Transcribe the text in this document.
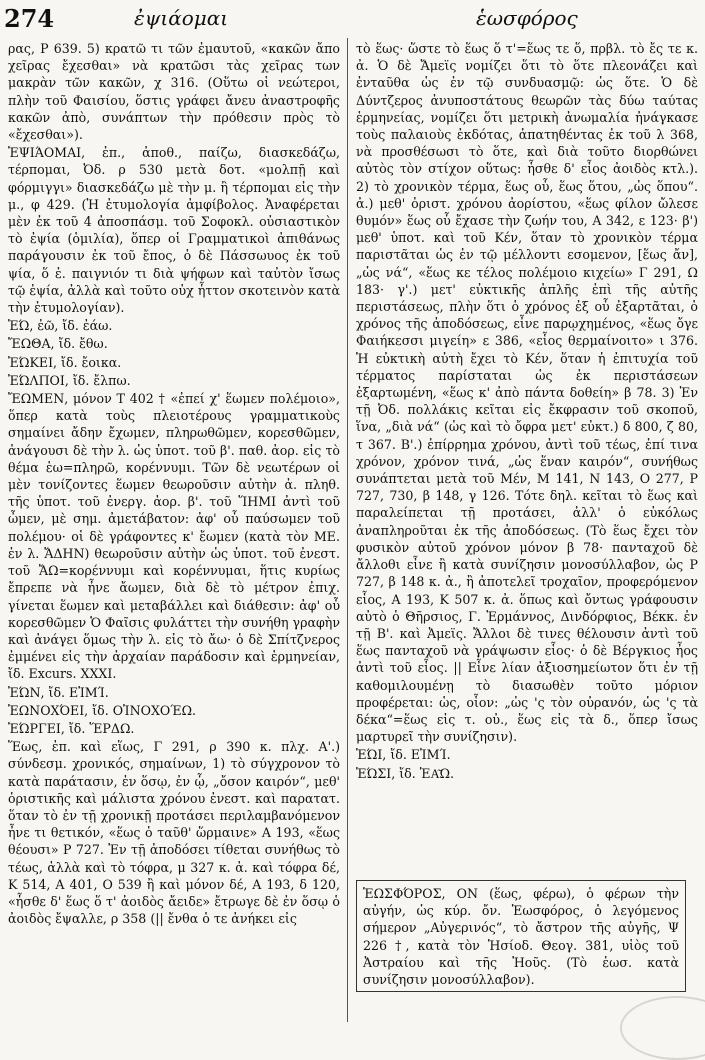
274	ἐψιάομαι	ἑωσφόρος

ρας, Ρ 639. 5) κρατῶ τι τῶν ἐμαυτοῦ, «κακῶν ἄπο χεῖρας ἔχεσθαι» νὰ κρατῶσι τὰς χεῖρας των μακρὰν τῶν κακῶν, χ 316. (Οὕτω οἱ νεώτεροι, πλὴν τοῦ Φαισίου, ὅστις γράφει ἄνευ ἀναστροφῆς κακῶν ἀπὸ, συνάπτων τὴν πρόθεσιν πρὸς τὸ «ἔχεσθαι»).

ἘΨΙΆΟΜΑΙ, ἐπ., ἀποθ., παίζω, διασκεδάζω, τέρπομαι, Ὀδ. ρ 530 μετὰ δοτ. «μολπῇ καὶ φόρμιγγι» διασκεδάζω μὲ τὴν μ. ἢ τέρπομαι εἰς τὴν μ., φ 429. (Ἡ ἐτυμολογία ἀμφίβολος. Ἀναφέρεται μὲν ἐκ τοῦ 4 ἀποσπάσμ. τοῦ Σοφοκλ. οὐσιαστικὸν τὸ ἐψία (ὁμιλία), ὅπερ οἱ Γραμματικοὶ ἀπιθάνως παράγουσιν ἐκ τοῦ ἔπος, ὁ δὲ Πάσσωυος ἐκ τοῦ ψία, ὅ ἐ. παιγνιόν τι διὰ ψήφων καὶ ταὐτὸν ἴσως τῷ ἐψία, ἀλλὰ καὶ τοῦτο οὐχ ἧττον σκοτεινὸν κατὰ τὴν ἐτυμολογίαν).

ἙΏ, ἐῶ, ἴδ. ἐάω.

ἜΩΘΑ, ἴδ. ἔθω.

ἘΏΚΕΙ, ἴδ. ἔοικα.

ἘΏΛΠΟΙ, ἴδ. ἔλπω.

ἜΩΜΕΝ, μόνον Τ 402 † «ἐπεί χ' ἕωμεν πολέμοιο», ὅπερ κατὰ τοὺς πλειοτέρους γραμματικοὺς σημαίνει ἄδην ἔχωμεν, πληρωθῶμεν, κορεσθῶμεν, ἀνάγουσι δὲ τὴν λ. ὡς ὑποτ. τοῦ β'. παθ. ἀορ. εἰς τὸ θέμα ἑω=πληρῶ, κορέννυμι. Τῶν δὲ νεωτέρων οἱ μὲν τονίζοντες ἕωμεν θεωροῦσιν αὐτὴν ἀ. πληθ. τῆς ὑποτ. τοῦ ἐνεργ. ἀορ. β'. τοῦ ἽΗΜΙ ἀντὶ τοῦ ὦμεν, μὲ σημ. ἀμετάβατον: ἀφ' οὗ παύσωμεν τοῦ πολέμου· οἱ δὲ γράφοντες κ' ἔωμεν (κατὰ τὸν ΜΕ. ἐν λ. ἌΔΗΝ) θεωροῦσιν αὐτὴν ὡς ὑποτ. τοῦ ἐνεστ. τοῦ ἌΩ=κορέννυμι καὶ κορέννυμαι, ἥτις κυρίως ἔπρεπε νὰ ἦνε ἄωμεν, διὰ δὲ τὸ μέτρον ἐπιχ. γίνεται ἕωμεν καὶ μεταβάλλει καὶ διάθεσιν: ἀφ' οὗ κορεσθῶμεν Ὁ Φαῖσις φυλάττει τὴν συνήθη γραφὴν καὶ ἀνάγει ὅμως τὴν λ. εἰς τὸ ἄω· ὁ δὲ Σπίτζνερος ἐμμένει εἰς τὴν ἀρχαίαν παράδοσιν καὶ ἑρμηνείαν, ἴδ. Excurs. XXXI.

ἘΏΝ, ἴδ. ΕἸΜΊ.

ἘΩΝΟΧΌΕΙ, ἴδ. ΟἸΝΟΧΟΈΩ.

ἘΏΡΓΕΙ, ἴδ. ἝΡΔΩ.

Ἕως, ἐπ. καὶ εἵως, Γ 291, ρ 390 κ. πλχ. Α'.) σύνδεσμ. χρονικός, σημαίνων, 1) τὸ σύγχρονον τὸ κατὰ παράτασιν, ἐν ὅσῳ, ἐν ᾧ, „ὄσον καιρόν“, μεθ' ὁριστικῆς καὶ μάλιστα χρόνου ἐνεστ. καὶ παρατατ. ὅταν τὸ ἐν τῇ χρονικῇ προτάσει περιλαμβανόμενον ἦνε τι θετικόν, «ἕως ὁ ταῦθ' ὥρμαινε» Α 193, «ἕως θέουσι» Ρ 727. Ἐν τῇ ἀποδόσει τίθεται συνήθως τὸ τέως, ἀλλὰ καὶ τὸ τόφρα, μ 327 κ. ἀ. καὶ τόφρα δέ, Κ 514, Α 401, Ο 539 ἢ καὶ μόνον δέ, Α 193, δ 120, «ἧσθε δ' ἕως ὅ τ' ἀοιδὸς ἄειδε» ἔτρωγε δὲ ἐν ὅσῳ ὁ ἀοιδὸς ἔψαλλε, ρ 358 (|| ἔνθα ὁ τε ἀνήκει εἰς

τὸ ἕως· ὥστε τὸ ἕως ὅ τ'=ἕως τε ὅ, πρβλ. τὸ ἔς τε κ. ἀ. Ὁ δὲ Ἄμεϊς νομίζει ὅτι τὸ ὅτε πλεονάζει καὶ ἐνταῦθα ὡς ἐν τῷ συνδυασμῷ: ὡς ὅτε. Ὁ δὲ Δύντζερος ἀνυποστάτους θεωρῶν τὰς δύω ταύτας ἑρμηνείας, νομίζει ὅτι μετρικὴ ἀνωμαλία ἠνάγκασε τοὺς παλαιοὺς ἐκδότας, ἀπατηθέντας ἐκ τοῦ λ 368, νὰ προσθέσωσι τὸ ὅτε, καὶ διὰ τοῦτο διορθώνει αὐτὸς τὸν στίχον οὕτως: ἧσθε δ' εἷος ἀοιδὸς κτλ.). 2) τὸ χρονικὸν τέρμα, ἕως οὗ, ἕως ὅτου, „ὡς ὅπου“. ἀ.) μεθ' ὁριστ. χρόνου ἀορίστου, «ἕως φίλον ὤλεσε θυμόν» ἕως οὗ ἔχασε τὴν ζωήν του, Α 342, ε 123· β') μεθ' ὑποτ. καὶ τοῦ Κέν, ὅταν τὸ χρονικὸν τέρμα παριστᾶται ὡς ἐν τῷ μέλλοντι εσομενον, [ἕως ἄν], „ὡς νά“, «ἕως κε τέλος πολέμοιο κιχείω» Γ 291, Ω 183· γ'.) μετ' εὐκτικῆς ἁπλῆς ἐπὶ τῆς αὐτῆς περιστάσεως, πλὴν ὅτι ὁ χρόνος ἐξ οὗ ἐξαρτᾶται, ὁ χρόνος τῆς ἀποδόσεως, εἶνε παρῳχημένος, «ἕως ὄγε Φαιήκεσσι μιγείη» ε 386, «εἷος θερμαίνοιτο» ι 376. Ἡ εὐκτικὴ αὐτὴ ἔχει τὸ Κέν, ὅταν ἡ ἐπιτυχία τοῦ τέρματος παρίσταται ὡς ἐκ περιστάσεων ἐξαρτωμένη, «ἕως κ' ἀπὸ πάντα δοθείη» β 78. 3) Ἐν τῇ Ὀδ. πολλάκις κεῖται εἰς ἔκφρασιν τοῦ σκοποῦ, ἵνα, „διὰ νά“ (ὡς καὶ τὸ ὄφρα μετ' εὐκτ.) δ 800, ζ 80, τ 367. Β'.) ἐπίρρημα χρόνου, ἀντὶ τοῦ τέως, ἐπί τινα χρόνον, χρόνον τινά, „ὡς ἕναν καιρόν“, συνήθως συνάπτεται μετὰ τοῦ Μέν, Μ 141, Ν 143, Ο 277, Ρ 727, 730, β 148, γ 126. Τότε δηλ. κεῖται τὸ ἕως καὶ παραλείπεται τῇ προτάσει, ἀλλ' ὁ εὐκόλως ἀναπληροῦται ἐκ τῆς ἀποδόσεως. (Τὸ ἕως ἔχει τὸν φυσικὸν αὐτοῦ χρόνον μόνον β 78· πανταχοῦ δὲ ἄλλοθι εἶνε ἢ κατὰ συνίζησιν μονοσύλλαβον, ὡς Ρ 727, β 148 κ. ἀ., ἢ ἀποτελεῖ τροχαῖον, προφερόμενον εἷος, Α 193, Κ 507 κ. ἀ. ὅπως καὶ ὄντως γράφουσιν αὐτὸ ὁ Θῆρσιος, Γ. Ἑρμάννος, Δινδόρφιος, Βέκκ. ἐν τῇ Β'. καὶ Ἀμεϊς. Ἄλλοι δὲ τινες θέλουσιν ἀντὶ τοῦ ἕως πανταχοῦ νὰ γράψωσιν εἷος· ὁ δὲ Βέργκιος ἦος ἀντὶ τοῦ εἷος. || Εἶνε λίαν ἀξιοσημείωτον ὅτι ἐν τῇ καθομιλουμένῃ τὸ διασωθὲν τοῦτο μόριον προφέρεται: ὡς, οἷον: „ὡς 'ς τὸν οὐρανόν, ὡς 'ς τὰ δέκα“=ἕως εἰς τ. οὐ., ἕως εἰς τὰ δ., ὅπερ ἴσως μαρτυρεῖ τὴν συνίζησιν).

ἙΏΙ, ἴδ. ΕἸΜΊ.

ἙΏΣΙ, ἴδ. ἘΑ͂Ω.

ἙΩΣΦΌΡΟΣ, ΟΝ (ἕως, φέρω), ὁ φέρων τὴν αὐγήν, ὡς κύρ. ὄν. Ἑωσφόρος, ὁ λεγόμενος σήμερον „Αὐγερινός“, τὸ ἄστρον τῆς αὐγῆς, Ψ 226 †, κατὰ τὸν Ἡσίοδ. Θεογ. 381, υἱὸς τοῦ Ἀστραίου καὶ τῆς Ἠοῦς. (Τὸ ἑωσ. κατὰ συνίζησιν μονοσύλλαβον).
